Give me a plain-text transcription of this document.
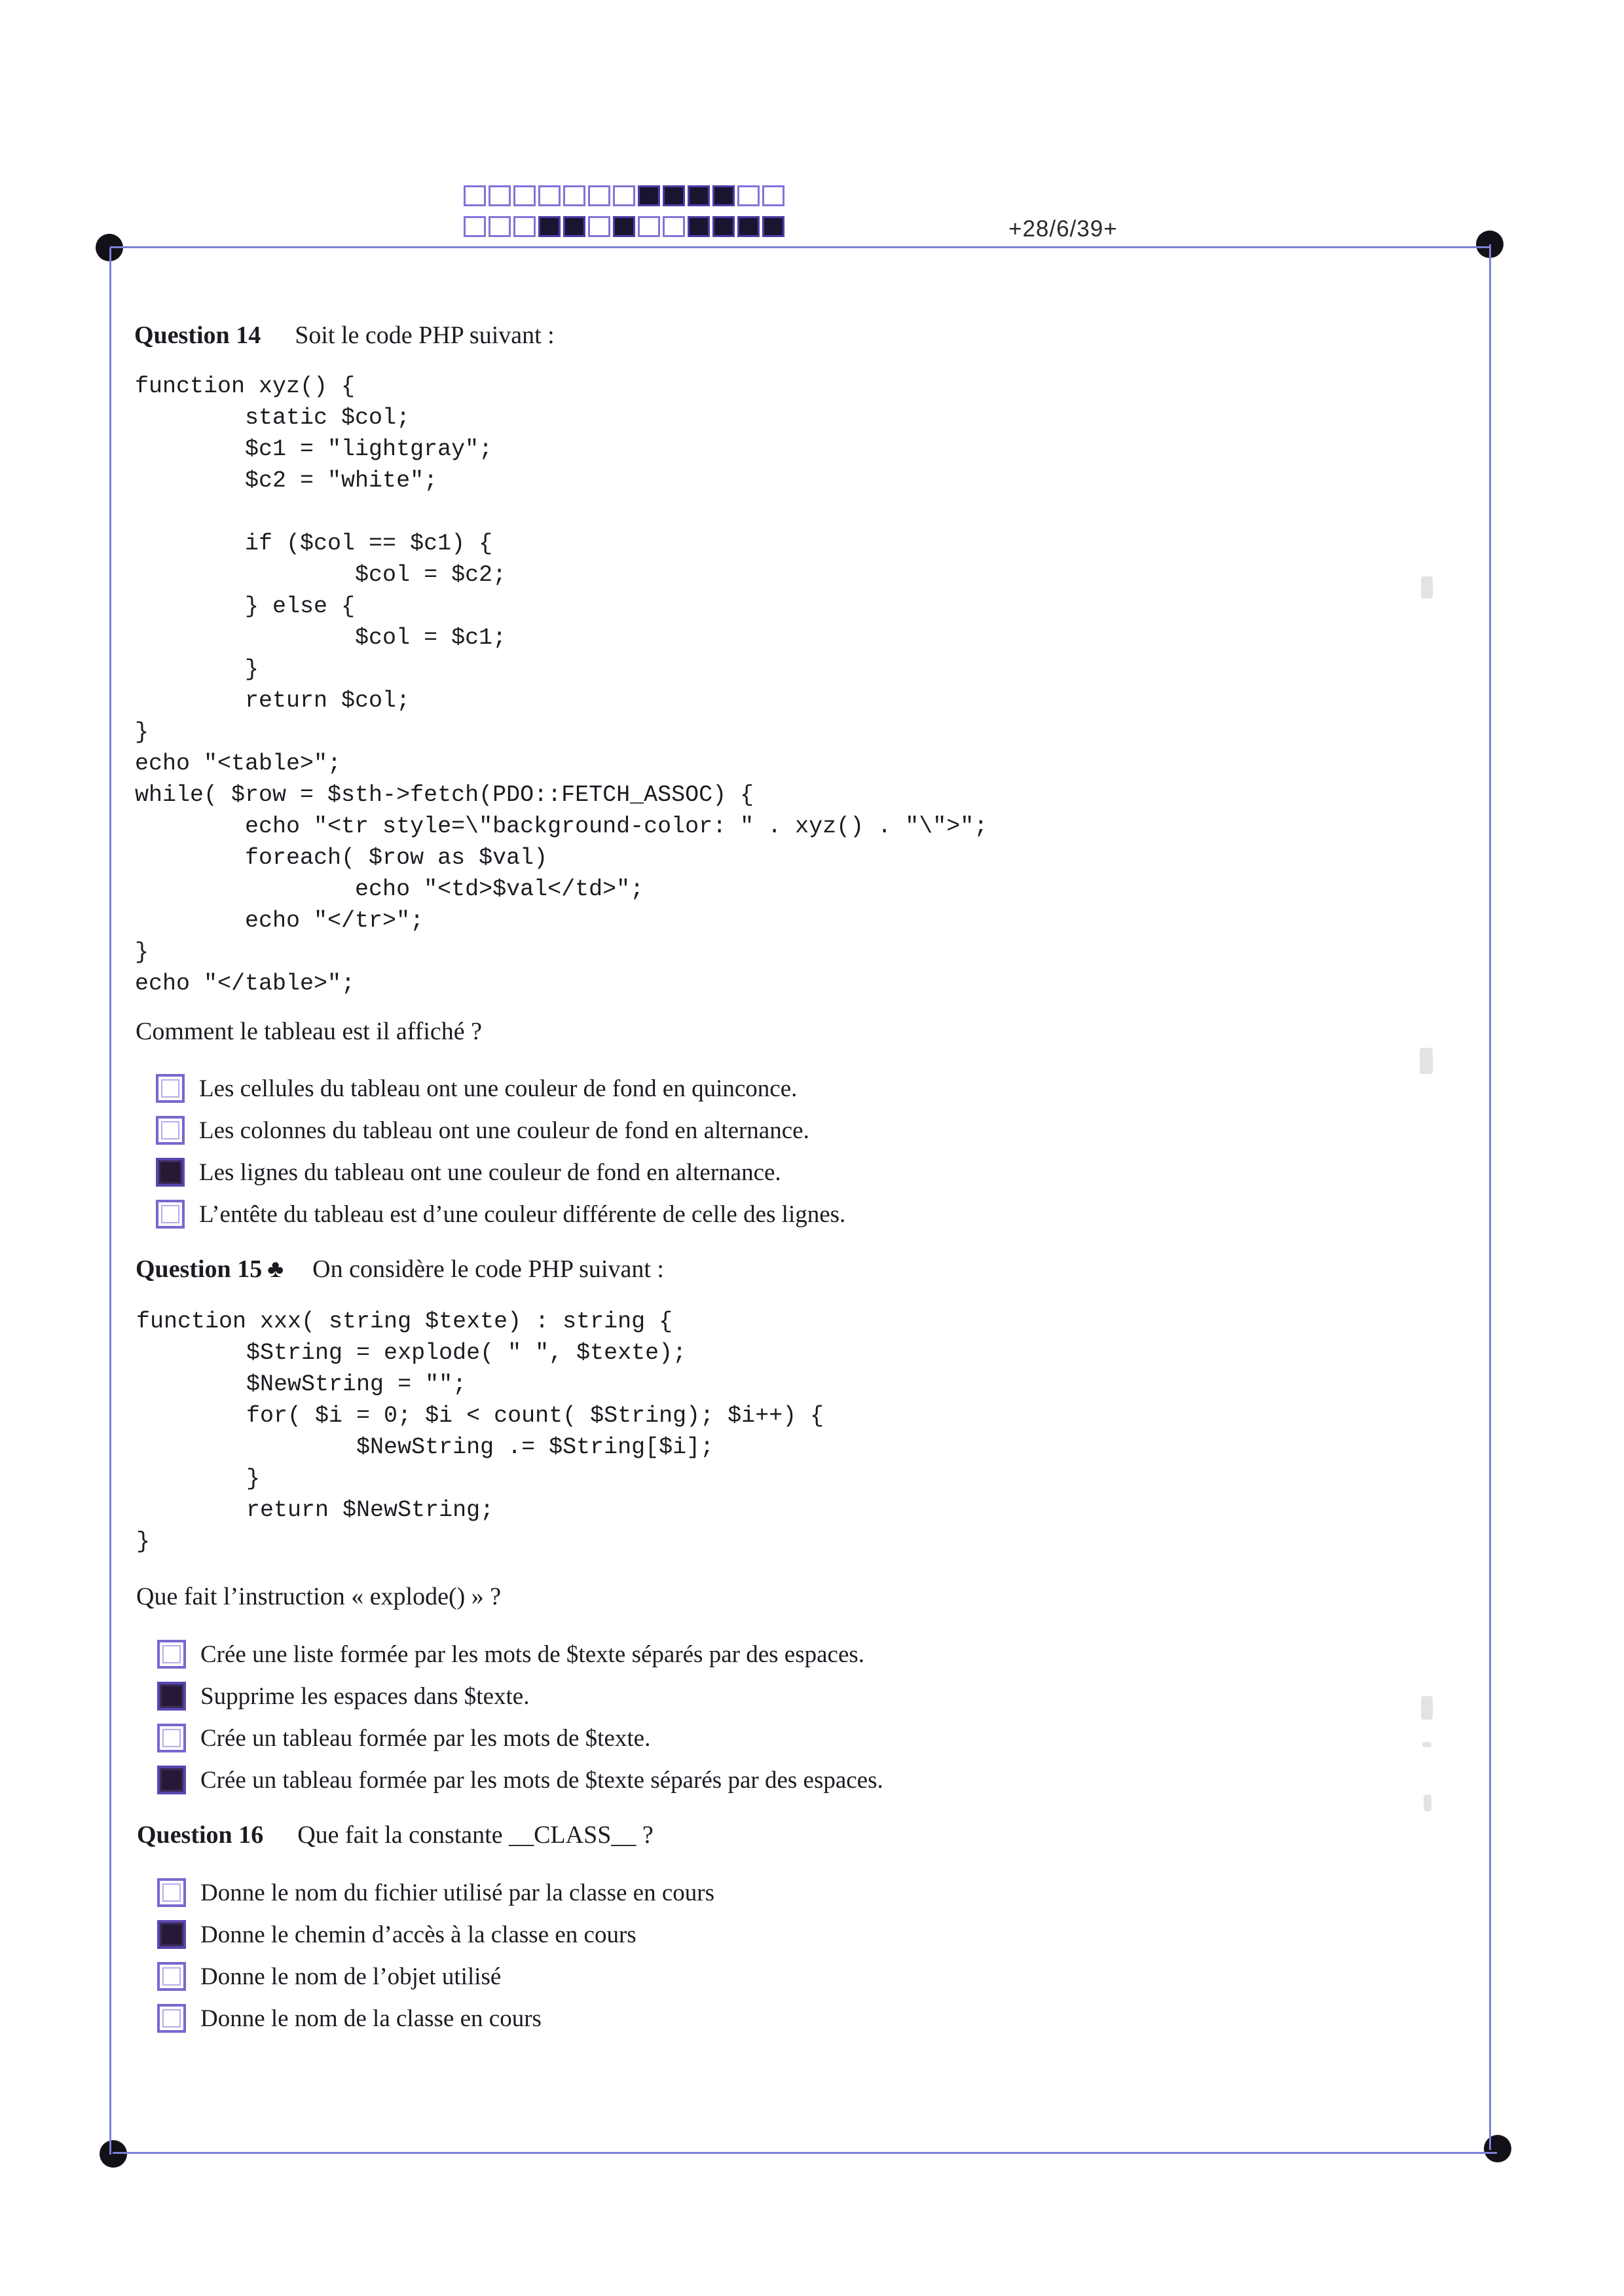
+28/6/39+
Question 14 Soit le code PHP suivant :
function xyz() {
static $col;
$c1 = "lightgray";
$c2 = "white";

if ($col == $c1) {
$col = $c2;
} else {
$col = $c1;
}
return $col;
}
echo "<table>";
while( $row = $sth->fetch(PDO::FETCH_ASSOC) {
echo "<tr style=\"background-color: " . xyz() . "\">";
foreach( $row as $val)
echo "<td>$val</td>";
echo "</tr>";
}
echo "</table>";
Comment le tableau est il affiché ?
Les cellules du tableau ont une couleur de fond en quinconce.
Les colonnes du tableau ont une couleur de fond en alternance.
Les lignes du tableau ont une couleur de fond en alternance.
L’entête du tableau est d’une couleur différente de celle des lignes.
Question 15 ♣ On considère le code PHP suivant :
function xxx( string $texte) : string {
$String = explode( " ", $texte);
$NewString = "";
for( $i = 0; $i < count( $String); $i++) {
$NewString .= $String[$i];
}
return $NewString;
}
Que fait l’instruction « explode() » ?
Crée une liste formée par les mots de $texte séparés par des espaces.
Supprime les espaces dans $texte.
Crée un tableau formée par les mots de $texte.
Crée un tableau formée par les mots de $texte séparés par des espaces.
Question 16 Que fait la constante __CLASS__ ?
Donne le nom du fichier utilisé par la classe en cours
Donne le chemin d’accès à la classe en cours
Donne le nom de l’objet utilisé
Donne le nom de la classe en cours
